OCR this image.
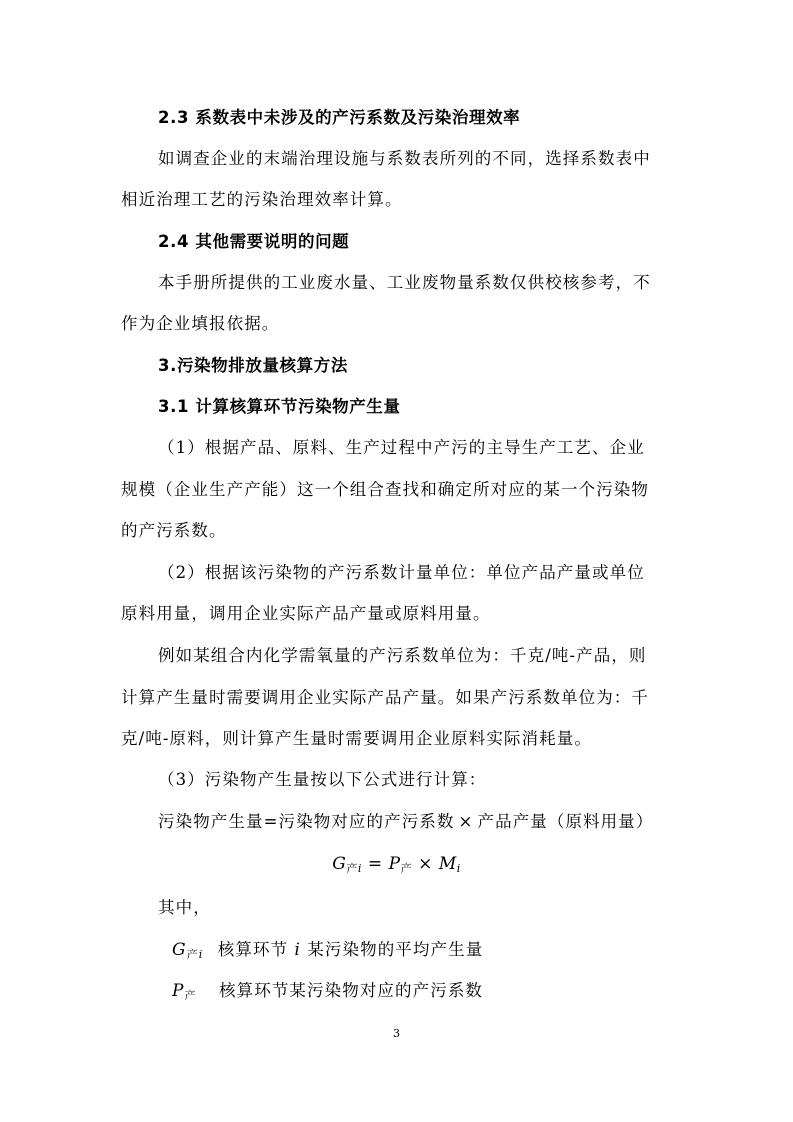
2.3 系数表中未涉及的产污系数及污染治理效率
如调查企业的末端治理设施与系数表所列的不同，选择系数表中
相近治理工艺的污染治理效率计算。
2.4 其他需要说明的问题
本手册所提供的工业废水量、工业废物量系数仅供校核参考，不
作为企业填报依据。
3.污染物排放量核算方法
3.1 计算核算环节污染物产生量
（1）根据产品、原料、生产过程中产污的主导生产工艺、企业
规模（企业生产产能）这一个组合查找和确定所对应的某一个污染物
的产污系数。
（2）根据该污染物的产污系数计量单位：单位产品产量或单位
原料用量，调用企业实际产品产量或原料用量。
例如某组合内化学需氧量的产污系数单位为：千克/吨-产品，则
计算产生量时需要调用企业实际产品产量。如果产污系数单位为：千
克/吨-原料，则计算产生量时需要调用企业原料实际消耗量。
（3）污染物产生量按以下公式进行计算：
污染物产生量=污染物对应的产污系数 × 产品产量（原料用量）
$G_产i = P_产 \times Mi$
其中，
$G_产i$ 核算环节 i 某污染物的平均产生量
$P_产$ 核算环节某污染物对应的产污系数
3
